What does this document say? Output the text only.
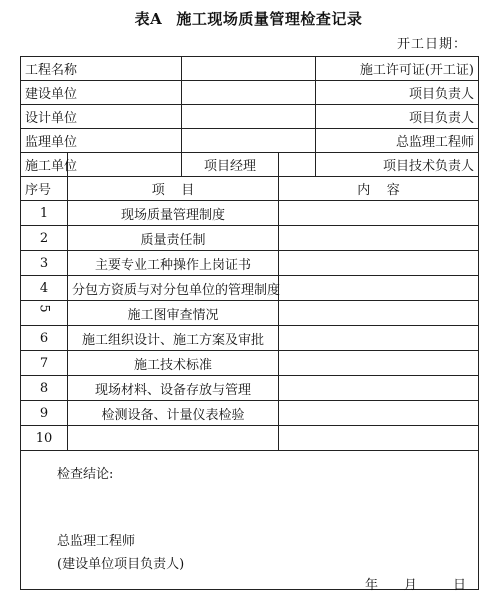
表A 施工现场质量管理检查记录
开工日期：
工程名称				施工许可证(开工证)
建设单位				项目负责人
设计单位				项目负责人
监理单位				总监理工程师
施工单位		项目经理		项目技术负责人
序号	项    目		内    容	
1	现场质量管理制度			
2	质量责任制			
3	主要专业工种操作上岗证书			
4	分包方资质与对分包单位的管理制度			
5	施工图审查情况			
6	施工组织设计、施工方案及审批			
7	施工技术标准			
8	现场材料、设备存放与管理			
9	检测设备、计量仪表检验			
10				

检查结论:
总监理工程师
(建设单位项目负责人)
年 月 日				
